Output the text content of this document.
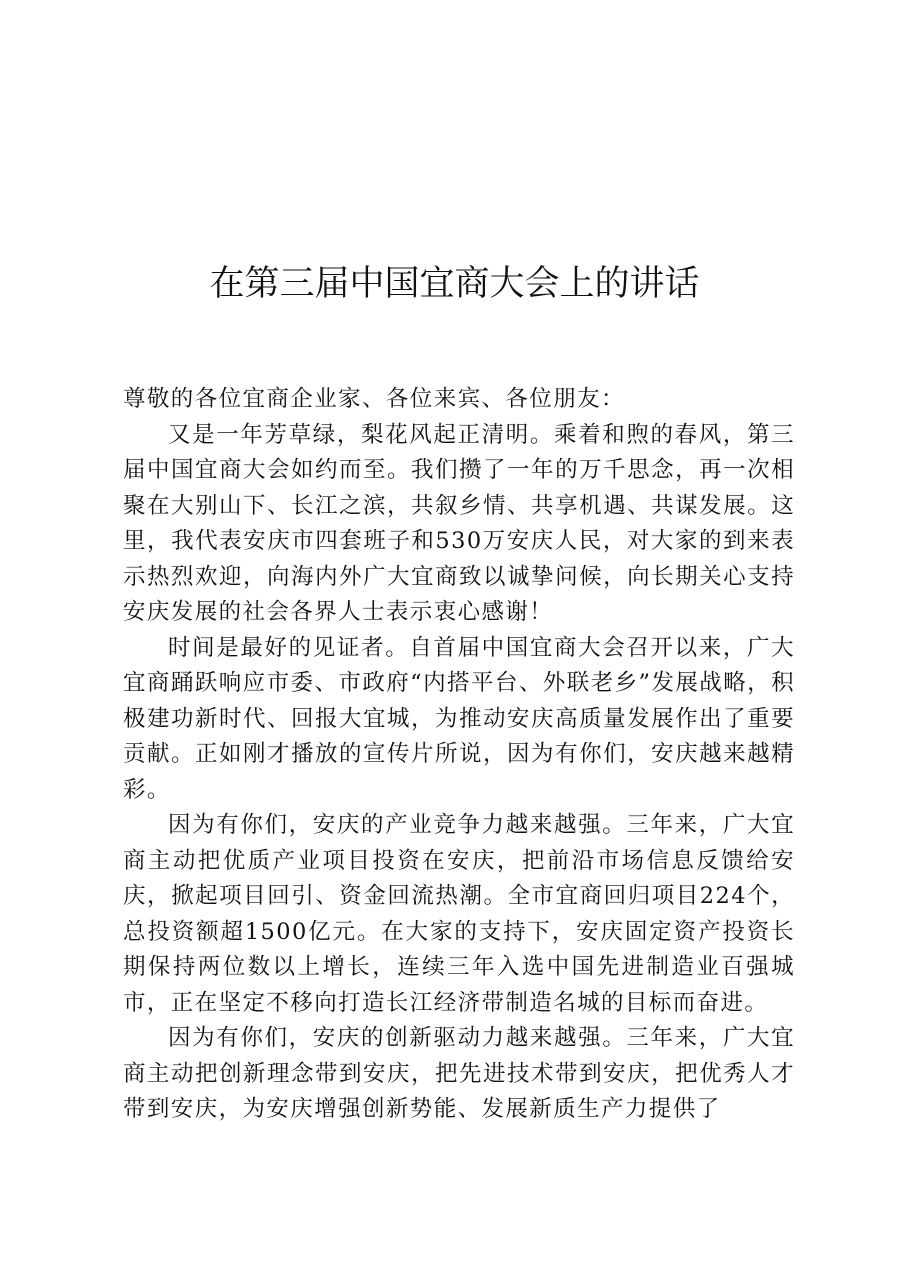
在第三届中国宜商大会上的讲话

尊敬的各位宜商企业家、各位来宾、各位朋友：

又是一年芳草绿，梨花风起正清明。乘着和煦的春风，第三届中国宜商大会如约而至。我们攒了一年的万千思念，再一次相聚在大别山下、长江之滨，共叙乡情、共享机遇、共谋发展。这里，我代表安庆市四套班子和530万安庆人民，对大家的到来表示热烈欢迎，向海内外广大宜商致以诚挚问候，向长期关心支持安庆发展的社会各界人士表示衷心感谢！

时间是最好的见证者。自首届中国宜商大会召开以来，广大宜商踊跃响应市委、市政府“内搭平台、外联老乡”发展战略，积极建功新时代、回报大宜城，为推动安庆高质量发展作出了重要贡献。正如刚才播放的宣传片所说，因为有你们，安庆越来越精彩。

因为有你们，安庆的产业竞争力越来越强。三年来，广大宜商主动把优质产业项目投资在安庆，把前沿市场信息反馈给安庆，掀起项目回引、资金回流热潮。全市宜商回归项目224个，总投资额超1500亿元。在大家的支持下，安庆固定资产投资长期保持两位数以上增长，连续三年入选中国先进制造业百强城市，正在坚定不移向打造长江经济带制造名城的目标而奋进。

因为有你们，安庆的创新驱动力越来越强。三年来，广大宜商主动把创新理念带到安庆，把先进技术带到安庆，把优秀人才带到安庆，为安庆增强创新势能、发展新质生产力提供了
